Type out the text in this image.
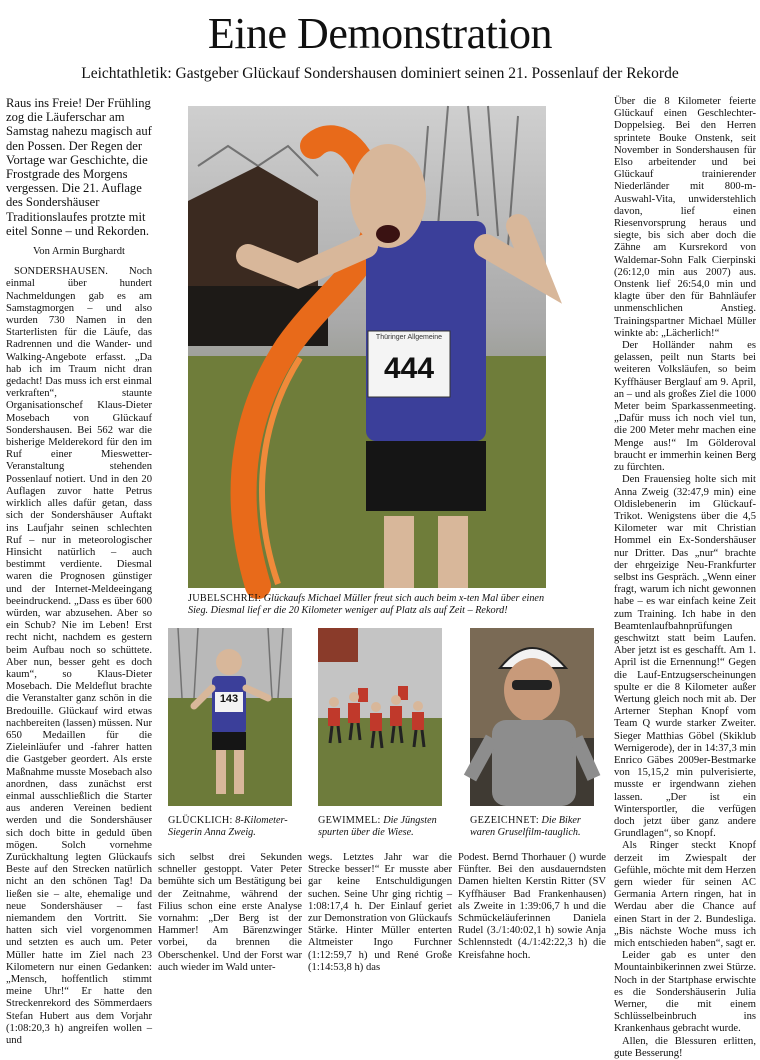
Eine Demonstration
Leichtathletik: Gastgeber Glückauf Sondershausen dominiert seinen 21. Possenlauf der Rekorde

Raus ins Freie! Der Frühling zog die Läuferschar am Samstag nahezu magisch auf den Possen. Der Regen der Vortage war Geschichte, die Frostgrade des Morgens vergessen. Die 21. Auflage des Sondershäuser Traditionslaufes protzte mit eitel Sonne – und Rekorden.

Von Armin Burghardt

SONDERSHAUSEN. Noch einmal über hundert Nachmeldungen gab es am Samstagmorgen – und also wurden 730 Namen in den Starterlisten für die Läufe, das Radrennen und die Wander- und Walking-Angebote erfasst. „Da hab ich im Traum nicht dran gedacht! Das muss ich erst einmal verkraften“, staunte Organisationschef Klaus-Dieter Mosebach von Glückauf Sondershausen. Bei 562 war die bisherige Melderekord für den im Ruf einer Mieswetter-Veranstaltung stehenden Possenlauf notiert. Und in den 20 Auflagen zuvor hatte Petrus wirklich alles dafür getan, dass sich der Sondershäuser Auftakt ins Laufjahr seinen schlechten Ruf – nur in meteorologischer Hinsicht natürlich – auch bestimmt verdiente. Diesmal waren die Prognosen günstiger und der Internet-Meldeeingang beeindruckend. „Dass es über 600 würden, war abzusehen. Aber so ein Schub? Nie im Leben! Erst recht nicht, nachdem es gestern beim Aufbau noch so schüttete. Aber nun, besser geht es doch kaum“, so Klaus-Dieter Mosebach. Die Meldeflut brachte die Veranstalter ganz schön in die Bredouille. Glückauf wird etwas nachbereiten (lassen) müssen. Nur 650 Medaillen für die Zieleinläufer und -fahrer hatten die Gastgeber geordert. Als erste Maßnahme musste Mosebach also anordnen, dass zunächst erst einmal ausschließlich die Starter aus anderen Vereinen bedient werden und die Sondershäuser sich doch bitte in geduld üben mögen. Solch vornehme Zurückhaltung legten Glückaufs Beste auf den Strecken natürlich nicht an den schönen Tag! Da ließen sie – alte, ehemalige und neue Sondershäuser – fast niemandem den Vortritt. Sie hatten sich viel vorgenommen und setzten es auch um. Peter Müller hatte im Ziel nach 23 Kilometern nur einen Gedanken: „Mensch, hoffentlich stimmt meine Uhr!“ Er hatte den Streckenrekord des Sömmerdaers Stefan Hubert aus dem Vorjahr (1:08:20,3 h) angreifen wollen – und

Thüringer Allgemeine
444
JUBELSCHREI: Glückaufs Michael Müller freut sich auch beim x-ten Mal über einen Sieg. Diesmal lief er die 20 Kilometer weniger auf Platz als auf Zeit – Rekord!
143
GLÜCKLICH: 8-Kilometer-Siegerin Anna Zweig.
GEWIMMEL: Die Jüngsten spurten über die Wiese.
GEZEICHNET: Die Biker waren Gruselfilm-tauglich.

sich selbst drei Sekunden schneller gestoppt. Vater Peter bemühte sich um Bestätigung bei der Zeitnahme, während der Filius schon eine erste Analyse vornahm: „Der Berg ist der Hammer! Am Bärenzwinger vorbei, da brennen die Oberschenkel. Und der Forst war auch wieder im Wald unter-

wegs. Letztes Jahr war die Strecke besser!“ Er musste aber gar keine Entschuldigungen suchen. Seine Uhr ging richtig – 1:08:17,4 h. Der Einlauf geriet zur Demonstration von Glückaufs Stärke. Hinter Müller enterten Altmeister Ingo Furchner (1:12:59,7 h) und René Große (1:14:53,8 h) das

Podest. Bernd Thorhauer () wurde Fünfter. Bei den ausdauerndsten Damen hielten Kerstin Ritter (SV Kyffhäuser Bad Frankenhausen) als Zweite in 1:39:06,7 h und die Schmückeläuferinnen Daniela Rudel (3./1:40:02,1 h) sowie Anja Schlennstedt (4./1:42:22,3 h) die Kreisfahne hoch.

Über die 8 Kilometer feierte Glückauf einen Geschlechter-Doppelsieg. Bei den Herren sprintete Bouke Onstenk, seit November in Sondershausen für Elso arbeitender und bei Glückauf trainierender Niederländer mit 800-m-Auswahl-Vita, unwiderstehlich davon, lief einen Riesenvorsprung heraus und siegte, bis sich aber doch die Zähne am Kursrekord von Waldemar-Sohn Falk Cierpinski (26:12,0 min aus 2007) aus. Onstenk lief 26:54,0 min und klagte über den für Bahnläufer unmenschlichen Anstieg. Trainingspartner Michael Müller winkte ab: „Lächerlich!“

Der Holländer nahm es gelassen, peilt nun Starts bei weiteren Volksläufen, so beim Kyffhäuser Berglauf am 9. April, an – und als großes Ziel die 1000 Meter beim Sparkassenmeeting. „Dafür muss ich noch viel tun, die 200 Meter mehr machen eine Menge aus!“ Im Gölderoval braucht er immerhin keinen Berg zu fürchten.

Den Frauensieg holte sich mit Anna Zweig (32:47,9 min) eine Oldislebenerin im Glückauf-Trikot. Wenigstens über die 4,5 Kilometer war mit Christian Hommel ein Ex-Sondershäuser nur Dritter. Das „nur“ brachte der ehrgeizige Neu-Frankfurter selbst ins Gespräch. „Wenn einer fragt, warum ich nicht gewonnen habe – es war einfach keine Zeit zum Training. Ich habe in den Beamtenlaufbahnprüfungen geschwitzt statt beim Laufen. Aber jetzt ist es geschafft. Am 1. April ist die Ernennung!“ Gegen die Lauf-Entzugserscheinungen spulte er die 8 Kilometer außer Wertung gleich noch mit ab. Der Arterner Stephan Knopf vom Team Q wurde starker Zweiter. Sieger Matthias Göbel (Skiklub Wernigerode), der in 14:37,3 min Enrico Gäbes 2009er-Bestmarke von 15,15,2 min pulverisierte, musste er irgendwann ziehen lassen. „Der ist ein Wintersportler, die verfügen doch jetzt über ganz andere Grundlagen“, so Knopf.

Als Ringer steckt Knopf derzeit im Zwiespalt der Gefühle, möchte mit dem Herzen gern wieder für seinen AC Germania Artern ringen, hat in Werdau aber die Chance auf einen Start in der 2. Bundesliga. „Bis nächste Woche muss ich mich entschieden haben“, sagt er.

Leider gab es unter den Mountainbikerinnen zwei Stürze. Noch in der Startphase erwischte es die Sondershäuserin Julia Werner, die mit einem Schlüsselbeinbruch ins Krankenhaus gebracht wurde.

Allen, die Blessuren erlitten, gute Besserung!
